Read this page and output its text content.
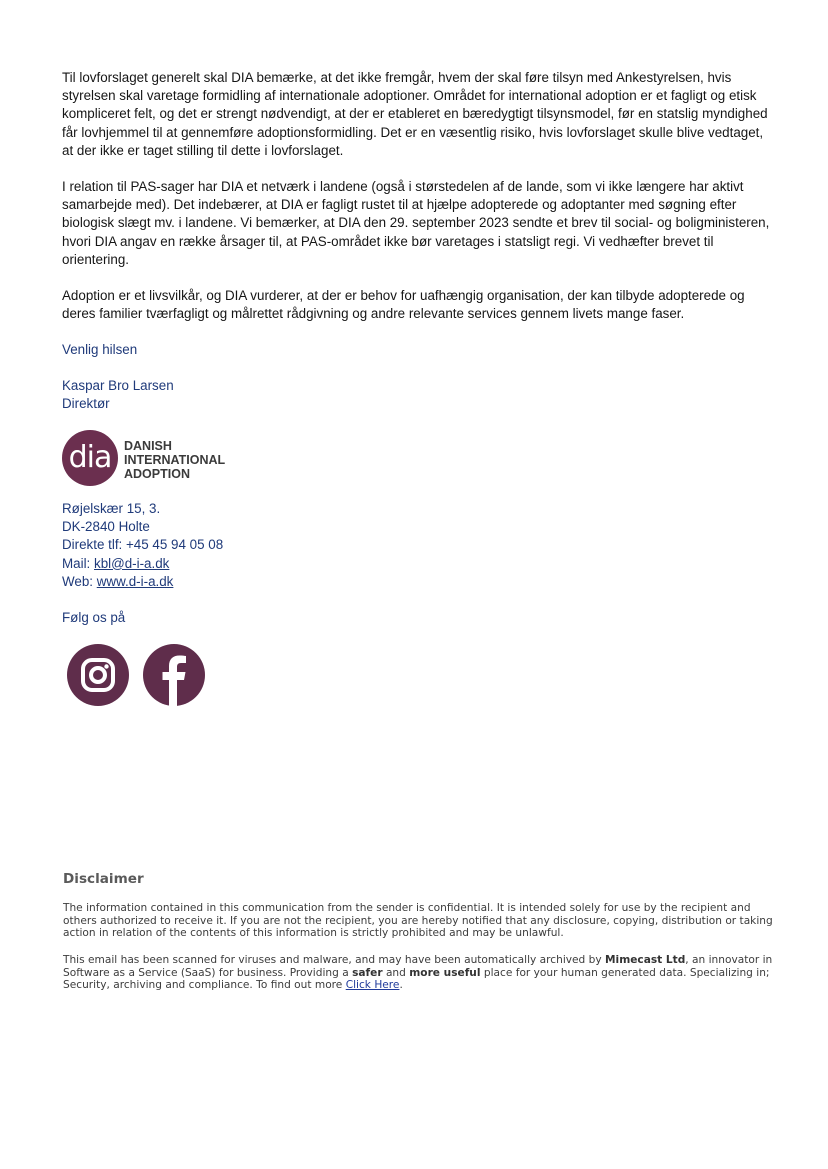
Til lovforslaget generelt skal DIA bemærke, at det ikke fremgår, hvem der skal føre tilsyn med Ankestyrelsen, hvis styrelsen skal varetage formidling af internationale adoptioner. Området for international adoption er et fagligt og etisk kompliceret felt, og det er strengt nødvendigt, at der er etableret en bæredygtigt tilsynsmodel, før en statslig myndighed får lovhjemmel til at gennemføre adoptionsformidling. Det er en væsentlig risiko, hvis lovforslaget skulle blive vedtaget, at der ikke er taget stilling til dette i lovforslaget.

I relation til PAS-sager har DIA et netværk i landene (også i størstedelen af de lande, som vi ikke længere har aktivt samarbejde med). Det indebærer, at DIA er fagligt rustet til at hjælpe adopterede og adoptanter med søgning efter biologisk slægt mv. i landene. Vi bemærker, at DIA den 29. september 2023 sendte et brev til social- og boligministeren, hvori DIA angav en række årsager til, at PAS-området ikke bør varetages i statsligt regi. Vi vedhæfter brevet til orientering.

Adoption er et livsvilkår, og DIA vurderer, at der er behov for uafhængig organisation, der kan tilbyde adopterede og deres familier tværfagligt og målrettet rådgivning og andre relevante services gennem livets mange faser.

Venlig hilsen

Kaspar Bro Larsen

Direktør

dia	DANISH
INTERNATIONAL
ADOPTION
Røjelskær 15, 3.
DK-2840 Holte
Direkte tlf: +45 45 94 05 08
Mail: kbl@d-i-a.dk
Web: www.d-i-a.dk
Følg os på
Disclaimer

The information contained in this communication from the sender is confidential. It is intended solely for use by the recipient and others authorized to receive it. If you are not the recipient, you are hereby notified that any disclosure, copying, distribution or taking action in relation of the contents of this information is strictly prohibited and may be unlawful.

This email has been scanned for viruses and malware, and may have been automatically archived by Mimecast Ltd, an innovator in Software as a Service (SaaS) for business. Providing a safer and more useful place for your human generated data. Specializing in; Security, archiving and compliance. To find out more Click Here.
